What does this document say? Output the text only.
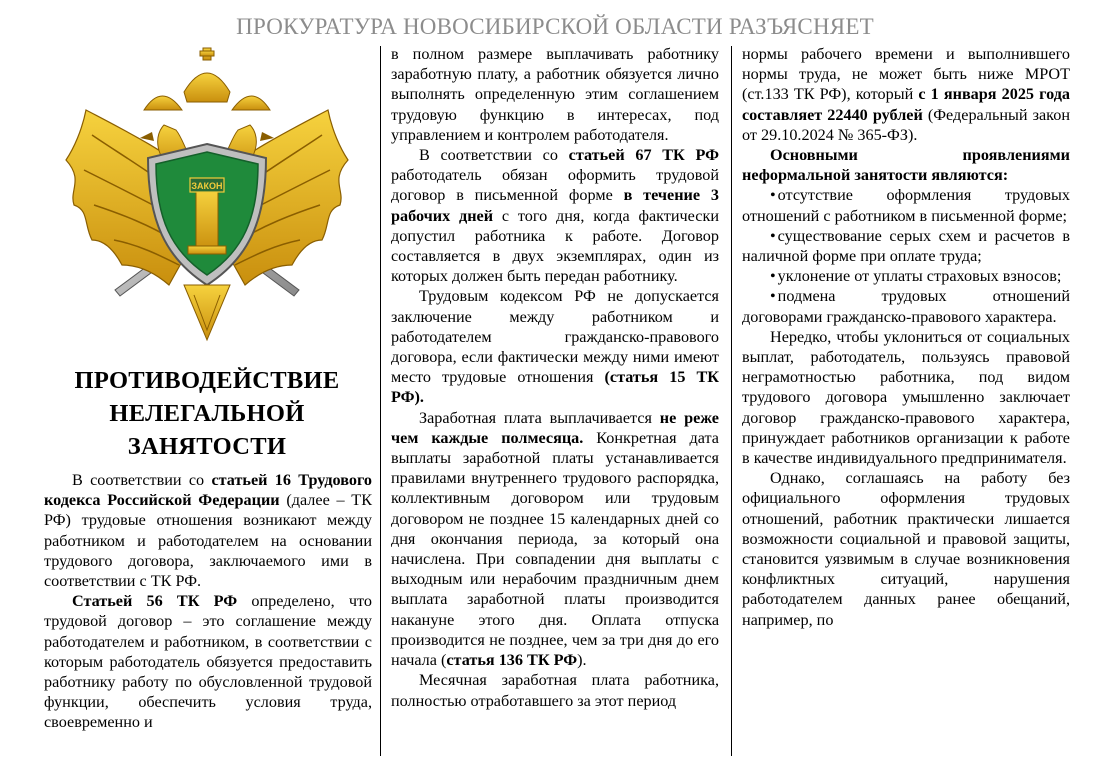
ПРОКУРАТУРА НОВОСИБИРСКОЙ ОБЛАСТИ РАЗЪЯСНЯЕТ
ЗАКОН
ПРОТИВОДЕЙСТВИЕ
НЕЛЕГАЛЬНОЙ
ЗАНЯТОСТИ

В соответствии со статьей 16 Трудового кодекса Российской Федерации (далее – ТК РФ) трудовые отношения возникают между работником и работодателем на основании трудового договора, заключаемого ими в соответствии с ТК РФ.

Статьей 56 ТК РФ определено, что трудовой договор – это соглашение между работодателем и работником, в соответствии с которым работодатель обязуется предоставить работнику работу по обусловленной трудовой функции, обеспечить условия труда, своевременно и

в полном размере выплачивать работнику заработную плату, а работник обязуется лично выполнять определенную этим соглашением трудовую функцию в интересах, под управлением и контролем работодателя.

В соответствии со статьей 67 ТК РФ работодатель обязан оформить трудовой договор в письменной форме в течение 3 рабочих дней с того дня, когда фактически допустил работника к работе. Договор составляется в двух экземплярах, один из которых должен быть передан работнику.

Трудовым кодексом РФ не допускается заключение между работником и работодателем гражданско-правового договора, если фактически между ними имеют место трудовые отношения (статья 15 ТК РФ).

Заработная плата выплачивается не реже чем каждые полмесяца. Конкретная дата выплаты заработной платы устанавливается правилами внутреннего трудового распорядка, коллективным договором или трудовым договором не позднее 15 календарных дней со дня окончания периода, за который она начислена. При совпадении дня выплаты с выходным или нерабочим праздничным днем выплата заработной платы производится накануне этого дня. Оплата отпуска производится не позднее, чем за три дня до его начала (статья 136 ТК РФ).

Месячная заработная плата работника, полностью отработавшего за этот период

нормы рабочего времени и выполнившего нормы труда, не может быть ниже МРОТ (ст.133 ТК РФ), который с 1 января 2025 года составляет 22440 рублей (Федеральный закон от 29.10.2024 № 365-ФЗ).

Основными проявлениями неформальной занятости являются:

• отсутствие оформления трудовых отношений с работником в письменной форме;

• существование серых схем и расчетов в наличной форме при оплате труда;

• уклонение от уплаты страховых взносов;

• подмена трудовых отношений договорами гражданско-правового характера.

Нередко, чтобы уклониться от социальных выплат, работодатель, пользуясь правовой неграмотностью работника, под видом трудового договора умышленно заключает договор гражданско-правового характера, принуждает работников организации к работе в качестве индивидуального предпринимателя.

Однако, соглашаясь на работу без официального оформления трудовых отношений, работник практически лишается возможности социальной и правовой защиты, становится уязвимым в случае возникновения конфликтных ситуаций, нарушения работодателем данных ранее обещаний, например, по
